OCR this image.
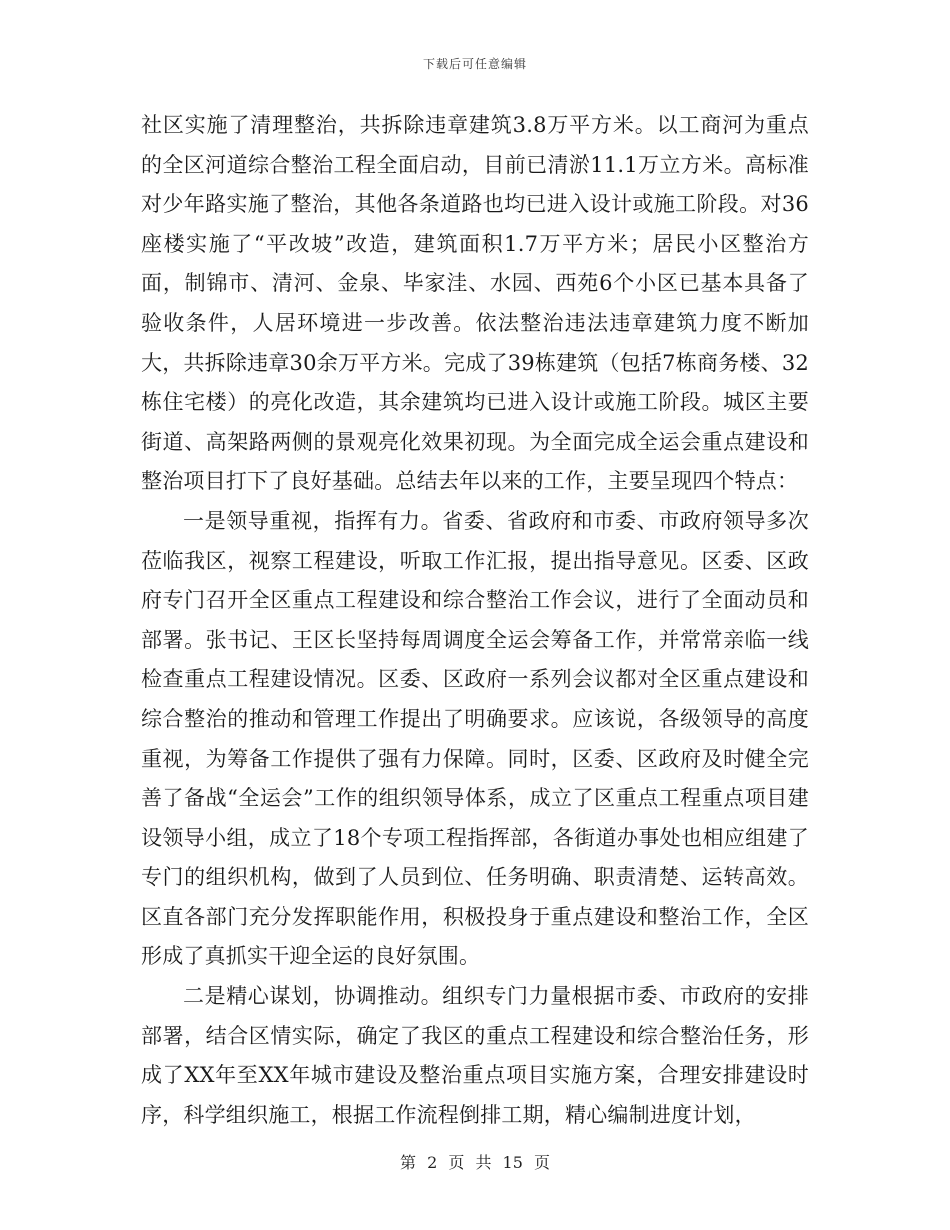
下载后可任意编辑

社区实施了清理整治，共拆除违章建筑3.8万平方米。以工商河为重点的全区河道综合整治工程全面启动，目前已清淤11.1万立方米。高标准对少年路实施了整治，其他各条道路也均已进入设计或施工阶段。对36座楼实施了“平改坡”改造，建筑面积1.7万平方米；居民小区整治方面，制锦市、清河、金泉、毕家洼、水园、西苑6个小区已基本具备了验收条件，人居环境进一步改善。依法整治违法违章建筑力度不断加大，共拆除违章30余万平方米。完成了39栋建筑（包括7栋商务楼、32栋住宅楼）的亮化改造，其余建筑均已进入设计或施工阶段。城区主要街道、高架路两侧的景观亮化效果初现。为全面完成全运会重点建设和整治项目打下了良好基础。总结去年以来的工作，主要呈现四个特点：

一是领导重视，指挥有力。省委、省政府和市委、市政府领导多次莅临我区，视察工程建设，听取工作汇报，提出指导意见。区委、区政府专门召开全区重点工程建设和综合整治工作会议，进行了全面动员和部署。张书记、王区长坚持每周调度全运会筹备工作，并常常亲临一线检查重点工程建设情况。区委、区政府一系列会议都对全区重点建设和综合整治的推动和管理工作提出了明确要求。应该说，各级领导的高度重视，为筹备工作提供了强有力保障。同时，区委、区政府及时健全完善了备战“全运会”工作的组织领导体系，成立了区重点工程重点项目建设领导小组，成立了18个专项工程指挥部，各街道办事处也相应组建了专门的组织机构，做到了人员到位、任务明确、职责清楚、运转高效。区直各部门充分发挥职能作用，积极投身于重点建设和整治工作，全区形成了真抓实干迎全运的良好氛围。

二是精心谋划，协调推动。组织专门力量根据市委、市政府的安排部署，结合区情实际，确定了我区的重点工程建设和综合整治任务，形成了XX年至XX年城市建设及整治重点项目实施方案，合理安排建设时序，科学组织施工，根据工作流程倒排工期，精心编制进度计划，

第 2 页 共 15 页
